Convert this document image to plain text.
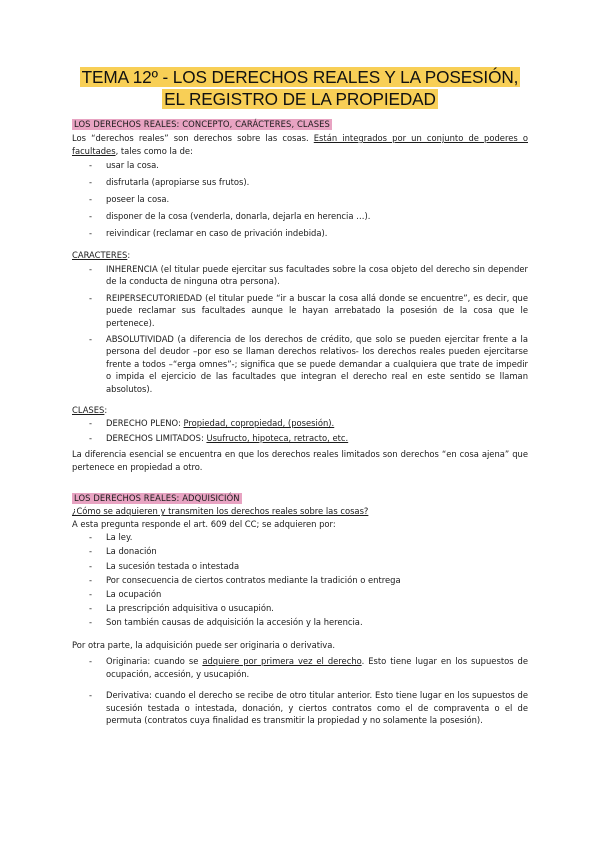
TEMA 12º - LOS DERECHOS REALES Y LA POSESIÓN,
EL REGISTRO DE LA PROPIEDAD
LOS DERECHOS REALES: CONCEPTO, CARÁCTERES, CLASES

Los “derechos reales” son derechos sobre las cosas. Están integrados por un conjunto de poderes o facultades, tales como la de:

- usar la cosa.
- disfrutarla (apropiarse sus frutos).
- poseer la cosa.
- disponer de la cosa (venderla, donarla, dejarla en herencia …).
- reivindicar (reclamar en caso de privación indebida).

CARACTERES:

- INHERENCIA (el titular puede ejercitar sus facultades sobre la cosa objeto del derecho sin depender de la conducta de ninguna otra persona).
- REIPERSECUTORIEDAD (el titular puede “ir a buscar la cosa allá donde se encuentre”, es decir, que puede reclamar sus facultades aunque le hayan arrebatado la posesión de la cosa que le pertenece).
- ABSOLUTIVIDAD (a diferencia de los derechos de crédito, que solo se pueden ejercitar frente a la persona del deudor –por eso se llaman derechos relativos- los derechos reales pueden ejercitarse frente a todos –“erga omnes”-; significa que se puede demandar a cualquiera que trate de impedir o impida el ejercicio de las facultades que integran el derecho real en este sentido se llaman absolutos).

CLASES:

- DERECHO PLENO: Propiedad, copropiedad, (posesión).
- DERECHOS LIMITADOS: Usufructo, hipoteca, retracto, etc.

La diferencia esencial se encuentra en que los derechos reales limitados son derechos “en cosa ajena” que pertenece en propiedad a otro.

LOS DERECHOS REALES: ADQUISICIÓN

¿Cómo se adquieren y transmiten los derechos reales sobre las cosas?

A esta pregunta responde el art. 609 del CC; se adquieren por:

- La ley.
- La donación
- La sucesión testada o intestada
- Por consecuencia de ciertos contratos mediante la tradición o entrega
- La ocupación
- La prescripción adquisitiva o usucapión.
- Son también causas de adquisición la accesión y la herencia.

Por otra parte, la adquisición puede ser originaria o derivativa.

- Originaria: cuando se adquiere por primera vez el derecho. Esto tiene lugar en los supuestos de ocupación, accesión, y usucapión.
- Derivativa: cuando el derecho se recibe de otro titular anterior. Esto tiene lugar en los supuestos de sucesión testada o intestada, donación, y ciertos contratos como el de compraventa o el de permuta (contratos cuya finalidad es transmitir la propiedad y no solamente la posesión).
